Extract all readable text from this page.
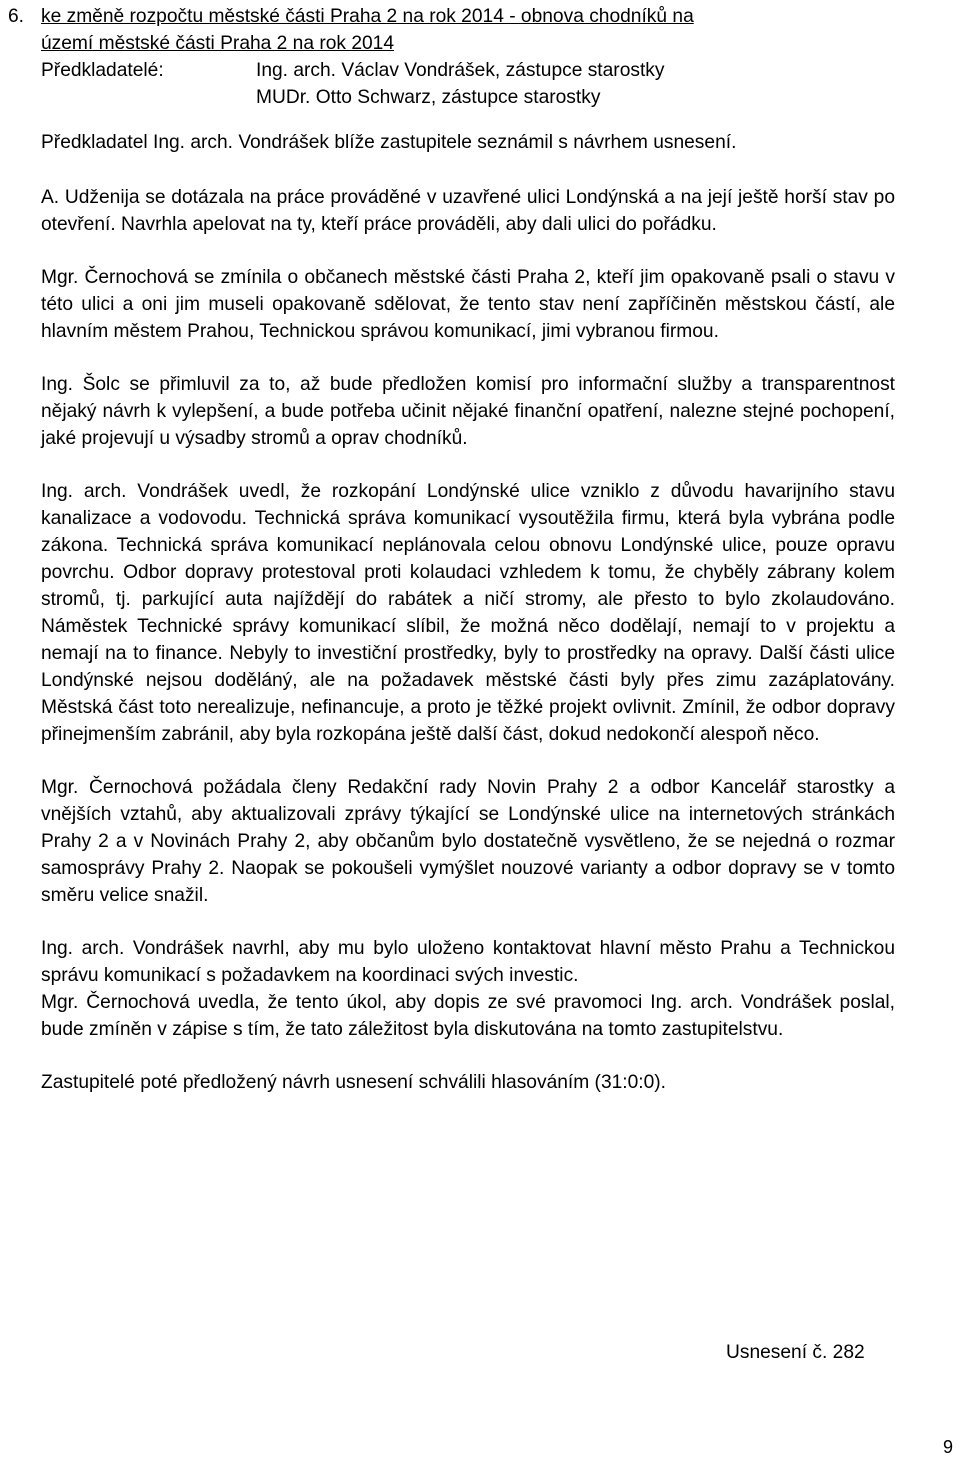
6. ke změně rozpočtu městské části Praha 2 na rok 2014 - obnova chodníků na
území městské části Praha 2 na rok 2014
Předkladatelé:	Ing. arch. Václav Vondrášek, zástupce starostky
MUDr. Otto Schwarz, zástupce starostky
Předkladatel Ing. arch. Vondrášek blíže zastupitele seznámil s návrhem usnesení.
A. Udženija se dotázala na práce prováděné v uzavřené ulici Londýnská a na její ještě horší stav po otevření. Navrhla apelovat na ty, kteří práce prováděli, aby dali ulici do pořádku.
Mgr. Černochová se zmínila o občanech městské části Praha 2, kteří jim opakovaně psali o stavu v této ulici a oni jim museli opakovaně sdělovat, že tento stav není zapříčiněn městskou částí, ale hlavním městem Prahou, Technickou správou komunikací, jimi vybranou firmou.
Ing. Šolc se přimluvil za to, až bude předložen komisí pro informační služby a transparentnost nějaký návrh k vylepšení, a bude potřeba učinit nějaké finanční opatření, nalezne stejné pochopení, jaké projevují u výsadby stromů a oprav chodníků.
Ing. arch. Vondrášek uvedl, že rozkopání Londýnské ulice vzniklo z důvodu havarijního stavu kanalizace a vodovodu. Technická správa komunikací vysoutěžila firmu, která byla vybrána podle zákona. Technická správa komunikací neplánovala celou obnovu Londýnské ulice, pouze opravu povrchu. Odbor dopravy protestoval proti kolaudaci vzhledem k tomu, že chyběly zábrany kolem stromů, tj. parkující auta najíždějí do rabátek a ničí stromy, ale přesto to bylo zkolaudováno. Náměstek Technické správy komunikací slíbil, že možná něco dodělají, nemají to v projektu a nemají na to finance. Nebyly to investiční prostředky, byly to prostředky na opravy. Další části ulice Londýnské nejsou doděláný, ale na požadavek městské části byly přes zimu zazáplatovány. Městská část toto nerealizuje, nefinancuje, a proto je těžké projekt ovlivnit. Zmínil, že odbor dopravy přinejmenším zabránil, aby byla rozkopána ještě další část, dokud nedokončí alespoň něco.
Mgr. Černochová požádala členy Redakční rady Novin Prahy 2 a odbor Kancelář starostky a vnějších vztahů, aby aktualizovali zprávy týkající se Londýnské ulice na internetových stránkách Prahy 2 a v Novinách Prahy 2, aby občanům bylo dostatečně vysvětleno, že se nejedná o rozmar samosprávy Prahy 2. Naopak se pokoušeli vymýšlet nouzové varianty a odbor dopravy se v tomto směru velice snažil.
Ing. arch. Vondrášek navrhl, aby mu bylo uloženo kontaktovat hlavní město Prahu a Technickou správu komunikací s požadavkem na koordinaci svých investic.
Mgr. Černochová uvedla, že tento úkol, aby dopis ze své pravomoci Ing. arch. Vondrášek poslal, bude zmíněn v zápise s tím, že tato záležitost byla diskutována na tomto zastupitelstvu.
Zastupitelé poté předložený návrh usnesení schválili hlasováním (31:0:0).
Usnesení č. 282
9
